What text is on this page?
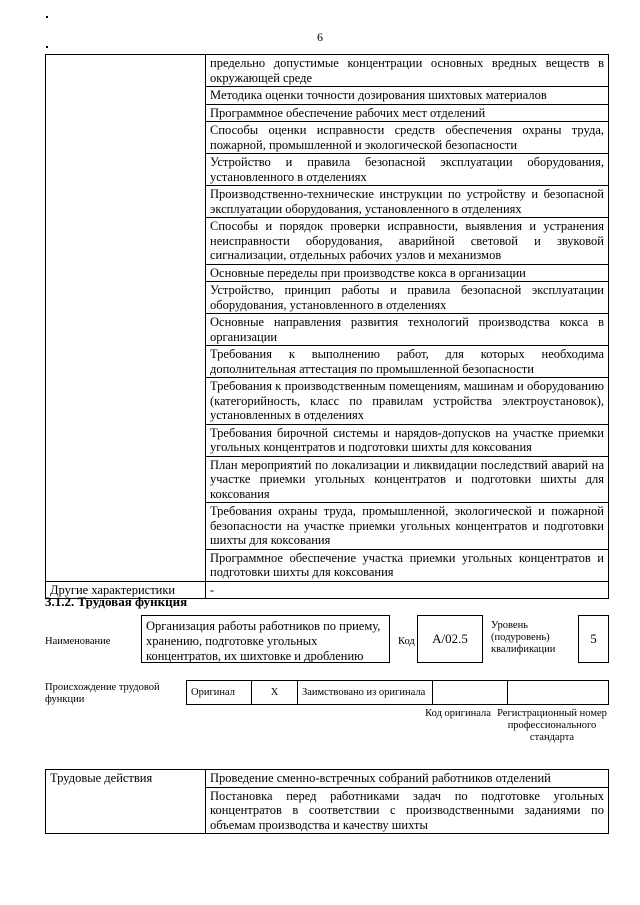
6
	предельно допустимые концентрации основных вредных веществ в окружающей среде
	Методика оценки точности дозирования шихтовых материалов
	Программное обеспечение рабочих мест отделений
	Способы оценки исправности средств обеспечения охраны труда, пожарной, промышленной и экологической безопасности
	Устройство и правила безопасной эксплуатации оборудования, установленного в отделениях
	Производственно-технические инструкции по устройству и безопасной эксплуатации оборудования, установленного в отделениях
	Способы и порядок проверки исправности, выявления и устранения неисправности оборудования, аварийной световой и звуковой сигнализации, отдельных рабочих узлов и механизмов
	Основные переделы при производстве кокса в организации
	Устройство, принцип работы и правила безопасной эксплуатации оборудования, установленного в отделениях
	Основные направления развития технологий производства кокса в организации
	Требования к выполнению работ, для которых необходима дополнительная аттестация по промышленной безопасности
	Требования к производственным помещениям, машинам и оборудованию (категорийность, класс по правилам устройства электроустановок), установленных в отделениях
	Требования бирочной системы и нарядов-допусков на участке приемки угольных концентратов и подготовки шихты для коксования
	План мероприятий по локализации и ликвидации последствий аварий на участке приемки угольных концентратов и подготовки шихты для коксования
	Требования охраны труда, промышленной, экологической и пожарной безопасности на участке приемки угольных концентратов и подготовки шихты для коксования
	Программное обеспечение участка приемки угольных концентратов и подготовки шихты для коксования
Другие характеристики	-
3.1.2. Трудовая функция
Наименование
Организация работы работников по приему, хранению, подготовке угольных концентратов, их шихтовке и дроблению
Код	А/02.5
Уровень
(подуровень)
квалификации
5
Происхождение трудовой функции
Оригинал	X	Заимствовано из оригинала		
Код оригинала Регистрационный номер профессионального стандарта
Трудовые действия	Проведение сменно-встречных собраний работников отделений
Постановка перед работниками задач по подготовке угольных концентратов в соответствии с производственными заданиями по объемам производства и качеству шихты
